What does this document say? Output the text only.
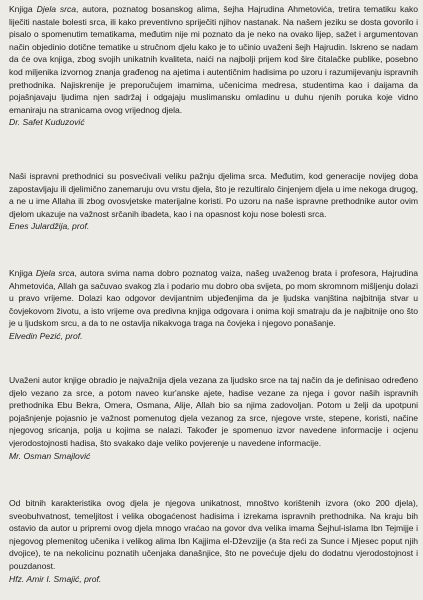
Knjiga Djela srca, autora, poznatog bosanskog alima, šejha Hajrudina Ahmetovića, tretira tematiku kako liječiti nastale bolesti srca, ili kako preventivno spriječiti njihov nastanak. Na našem jeziku se dosta govorilo i pisalo o spomenutim tematikama, međutim nije mi poznato da je neko na ovako lijep, sažet i argumentovan način objedinio dotične tematike u stručnom djelu kako je to učinio uvaženi šejh Hajrudin. Iskreno se nadam da će ova knjiga, zbog svojih unikatnih kvaliteta, naići na najbolji prijem kod šire čitalačke publike, posebno kod miljenika izvornog znanja građenog na ajetima i autentičnim hadisima po uzoru i razumijevanju ispravnih prethodnika. Najiskrenije je preporučujem imamima, učenicima medresa, studentima kao i daijama da pojašnjavaju ljudima njen sadržaj i odgajaju muslimansku omladinu u duhu njenih poruka koje vidno emaniraju na stranicama ovog vrijednog djela.

Dr. Safet Kuduzović

Naši ispravni prethodnici su posvećivali veliku pažnju djelima srca. Međutim, kod generacije novijeg doba zapostavljaju ili djelimično zanemaruju ovu vrstu djela, što je rezultiralo činjenjem djela u ime nekoga drugog, a ne u ime Allaha ili zbog ovosvjetske materijalne koristi. Po uzoru na naše ispravne prethodnike autor ovim djelom ukazuje na važnost srčanih ibadeta, kao i na opasnost koju nose bolesti srca.

Enes Julardžija, prof.

Knjiga Djela srca, autora svima nama dobro poznatog vaiza, našeg uvaženog brata i profesora, Hajrudina Ahmetovića, Allah ga sačuvao svakog zla i podario mu dobro oba svijeta, po mom skromnom mišljenju dolazi u pravo vrijeme. Dolazi kao odgovor devijantnim ubjeđenjima da je ljudska vanjština najbitnija stvar u čovjekovom životu, a isto vrijeme ova predivna knjiga odgovara i onima koji smatraju da je najbitnije ono što je u ljudskom srcu, a da to ne ostavlja nikakvoga traga na čovjeka i njegovo ponašanje.

Elvedin Pezić, prof.

Uvaženi autor knjige obradio je najvažnija djela vezana za ljudsko srce na taj način da je definisao određeno djelo vezano za srce, a potom naveo kur'anske ajete, hadise vezane za njega i govor naših ispravnih prethodnika Ebu Bekra, Omera, Osmana, Alije, Allah bio sa njima zadovoljan. Potom u želji da upotpuni pojašnjenje pojasnio je važnost pomenutog djela vezanog za srce, njegove vrste, stepene, koristi, načine njegovog sricanja, polja u kojima se nalazi. Također je spomenuo izvor navedene informacije i ocjenu vjerodostojnosti hadisa, što svakako daje veliko povjerenje u navedene informacije.

Mr. Osman Smajlović

Od bitnih karakteristika ovog djela je njegova unikatnost, mnoštvo korištenih izvora (oko 200 djela), sveobuhvatnost, temeljitost i velika obogaćenost hadisima i izrekama ispravnih prethodnika. Na kraju bih ostavio da autor u pripremi ovog djela mnogo vraćao na govor dva velika imama Šejhul-islama Ibn Tejmijje i njegovog plemenitog učenika i velikog alima Ibn Kajjima el-Dževzijje (a šta reći za Sunce i Mjesec poput njih dvojice), te na nekolicinu poznatih učenjaka današnjice, što ne povećuje djelu do dodatnu vjerodostojnost i pouzdanost.

Hfz. Amir I. Smajić, prof.
